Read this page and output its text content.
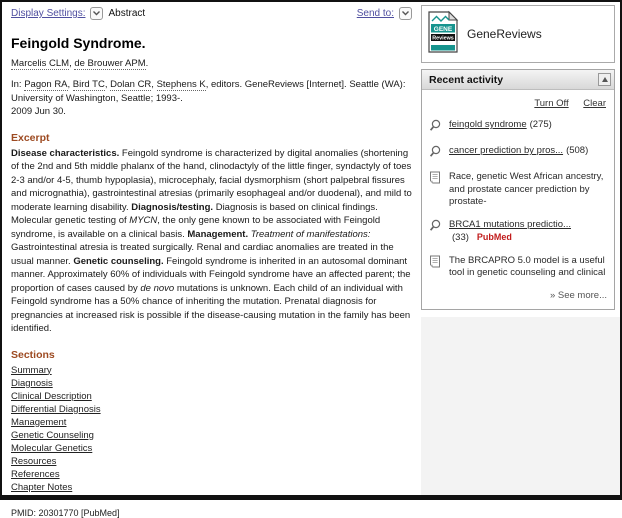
Display Settings: Abstract	Send to:
Feingold Syndrome.
Marcelis CLM, de Brouwer APM.
In: Pagon RA, Bird TC, Dolan CR, Stephens K, editors. GeneReviews [Internet]. Seattle (WA): University of Washington, Seattle; 1993-.
2009 Jun 30.
Excerpt
Disease characteristics. Feingold syndrome is characterized by digital anomalies (shortening of the 2nd and 5th middle phalanx of the hand, clinodactyly of the little finger, syndactyly of toes 2-3 and/or 4-5, thumb hypoplasia), microcephaly, facial dysmorphism (short palpebral fissures and micrognathia), gastrointestinal atresias (primarily esophageal and/or duodenal), and mild to moderate learning disability. Diagnosis/testing. Diagnosis is based on clinical findings. Molecular genetic testing of MYCN, the only gene known to be associated with Feingold syndrome, is available on a clinical basis. Management. Treatment of manifestations: Gastrointestinal atresia is treated surgically. Renal and cardiac anomalies are treated in the usual manner. Genetic counseling. Feingold syndrome is inherited in an autosomal dominant manner. Approximately 60% of individuals with Feingold syndrome have an affected parent; the proportion of cases caused by de novo mutations is unknown. Each child of an individual with Feingold syndrome has a 50% chance of inheriting the mutation. Prenatal diagnosis for pregnancies at increased risk is possible if the disease-causing mutation in the family has been identified.
Sections
Summary
Diagnosis
Clinical Description
Differential Diagnosis
Management
Genetic Counseling
Molecular Genetics
Resources
References
Chapter Notes
PMID: 20301770 [PubMed]
GENE
Reviews GeneReviews
Recent activity
Turn Off Clear
feingold syndrome (275)
cancer prediction by pros... (508)
Race, genetic West African ancestry, and prostate cancer prediction by prostate-
BRCA1 mutations predictio...(33) PubMed
The BRCAPRO 5.0 model is a useful tool in genetic counseling and clinical
» See more...
